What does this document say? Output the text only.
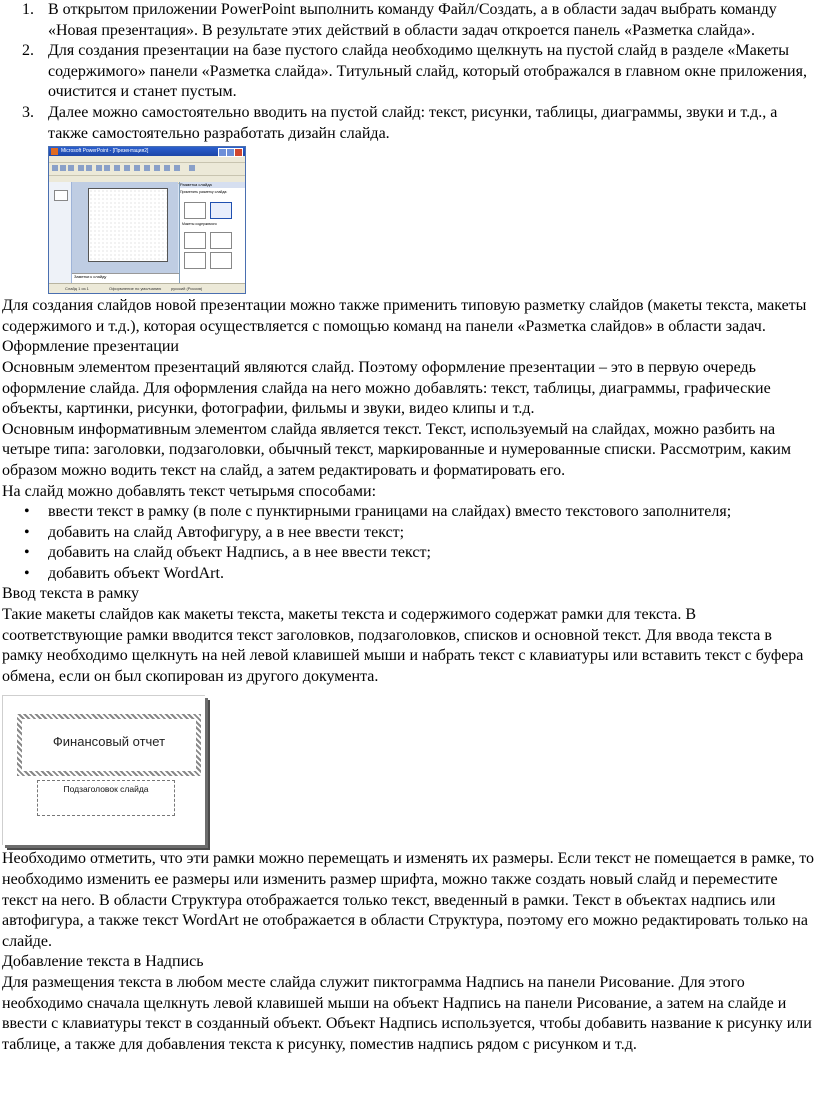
1. В открытом приложении PowerPoint выполнить команду Файл/Создать, а в области задач выбрать команду «Новая презентация». В результате этих действий в области задач откроется панель «Разметка слайда».
2. Для создания презентации на базе пустого слайда необходимо щелкнуть на пустой слайд в разделе «Макеты содержимого» панели «Разметка слайда». Титульный слайд, который отображался в главном окне приложения, очистится и станет пустым.
3. Далее можно самостоятельно вводить на пустой слайд: текст, рисунки, таблицы, диаграммы, звуки и т.д., а также самостоятельно разработать дизайн слайда.
Microsoft PowerPoint - [Презентация2]
Заметки к слайду
Разметка слайда
Применить разметку слайда:
Макеты содержимого
Слайд 1 из 1	Оформление по умолчанию русский (Россия)

Для создания слайдов новой презентации можно также применить типовую разметку слайдов (макеты текста, макеты содержимого и т.д.), которая осуществляется с помощью команд на панели «Разметка слайдов» в области задач.

Оформление презентации

Основным элементом презентаций являются слайд. Поэтому оформление презентации – это в первую очередь оформление слайда. Для оформления слайда на него можно добавлять: текст, таблицы, диаграммы, графические объекты, картинки, рисунки, фотографии, фильмы и звуки, видео клипы и т.д.

Основным информативным элементом слайда является текст. Текст, используемый на слайдах, можно разбить на четыре типа: заголовки, подзаголовки, обычный текст, маркированные и нумерованные списки. Рассмотрим, каким образом можно водить текст на слайд, а затем редактировать и форматировать его.

На слайд можно добавлять текст четырьмя способами:

• ввести текст в рамку (в поле с пунктирными границами на слайдах) вместо текстового заполнителя;
• добавить на слайд Автофигуру, а в нее ввести текст;
• добавить на слайд объект Надпись, а в нее ввести текст;
• добавить объект WordArt.

Ввод текста в рамку

Такие макеты слайдов как макеты текста, макеты текста и содержимого содержат рамки для текста. В соответствующие рамки вводится текст заголовков, подзаголовков, списков и основной текст. Для ввода текста в рамку необходимо щелкнуть на ней левой клавишей мыши и набрать текст с клавиатуры или вставить текст с буфера обмена, если он был скопирован из другого документа.

Финансовый отчет
Подзаголовок слайда

Необходимо отметить, что эти рамки можно перемещать и изменять их размеры. Если текст не помещается в рамке, то необходимо изменить ее размеры или изменить размер шрифта, можно также создать новый слайд и переместите текст на него. В области Структура отображается только текст, введенный в рамки. Текст в объектах надпись или автофигура, а также текст WordArt не отображается в области Структура, поэтому его можно редактировать только на слайде.

Добавление текста в Надпись

Для размещения текста в любом месте слайда служит пиктограмма Надпись на панели Рисование. Для этого необходимо сначала щелкнуть левой клавишей мыши на объект Надпись на панели Рисование, а затем на слайде и ввести с клавиатуры текст в созданный объект. Объект Надпись используется, чтобы добавить название к рисунку или таблице, а также для добавления текста к рисунку, поместив надпись рядом с рисунком и т.д.
